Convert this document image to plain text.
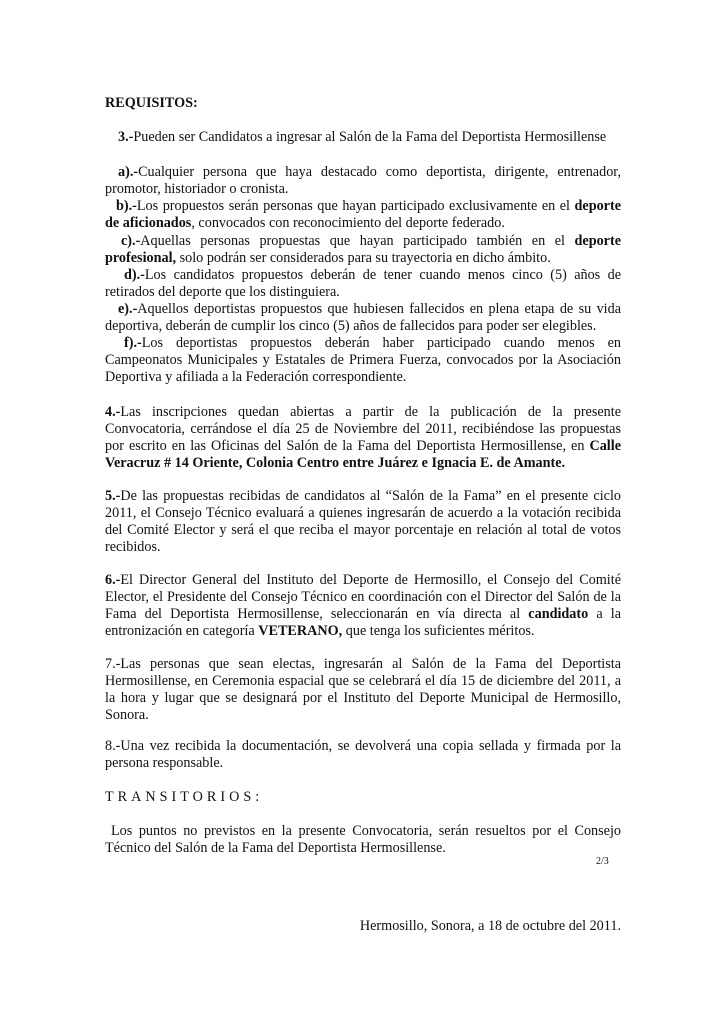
REQUISITOS:

3.-Pueden ser Candidatos a ingresar al Salón de la Fama del Deportista Hermosillense

a).-Cualquier persona que haya destacado como deportista, dirigente, entrenador, promotor, historiador o cronista.

b).-Los propuestos serán personas que hayan participado exclusivamente en el deporte de aficionados, convocados con reconocimiento del deporte federado.

c).-Aquellas personas propuestas que hayan participado también en el deporte profesional, solo podrán ser considerados para su trayectoria en dicho ámbito.

d).-Los candidatos propuestos deberán de tener cuando menos cinco (5) años de retirados del deporte que los distinguiera.

e).-Aquellos deportistas propuestos que hubiesen fallecidos en plena etapa de su vida deportiva, deberán de cumplir los cinco (5) años de fallecidos para poder ser elegibles.

f).-Los deportistas propuestos deberán haber participado cuando menos en Campeonatos Municipales y Estatales de Primera Fuerza, convocados por la Asociación Deportiva y afiliada a la Federación correspondiente.

4.-Las inscripciones quedan abiertas a partir de la publicación de la presente Convocatoria, cerrándose el día 25 de Noviembre del 2011, recibiéndose las propuestas por escrito en las Oficinas del Salón de la Fama del Deportista Hermosillense, en Calle Veracruz # 14 Oriente, Colonia Centro entre Juárez e Ignacia E. de Amante.

5.-De las propuestas recibidas de candidatos al “Salón de la Fama” en el presente ciclo 2011, el Consejo Técnico evaluará a quienes ingresarán de acuerdo a la votación recibida del Comité Elector y será el que reciba el mayor porcentaje en relación al total de votos recibidos.

6.-El Director General del Instituto del Deporte de Hermosillo, el Consejo del Comité Elector, el Presidente del Consejo Técnico en coordinación con el Director del Salón de la Fama del Deportista Hermosillense, seleccionarán en vía directa al candidato a la entronización en categoría VETERANO, que tenga los suficientes méritos.

7.-Las personas que sean electas, ingresarán al Salón de la Fama del Deportista Hermosillense, en Ceremonia espacial que se celebrará el día 15 de diciembre del 2011, a la hora y lugar que se designará por el Instituto del Deporte Municipal de Hermosillo, Sonora.

8.-Una vez recibida la documentación, se devolverá una copia sellada y firmada por la persona responsable.

TRANSITORIOS:

Los puntos no previstos en la presente Convocatoria, serán resueltos por el Consejo Técnico del Salón de la Fama del Deportista Hermosillense.

2/3
Hermosillo, Sonora, a 18 de octubre del 2011.
